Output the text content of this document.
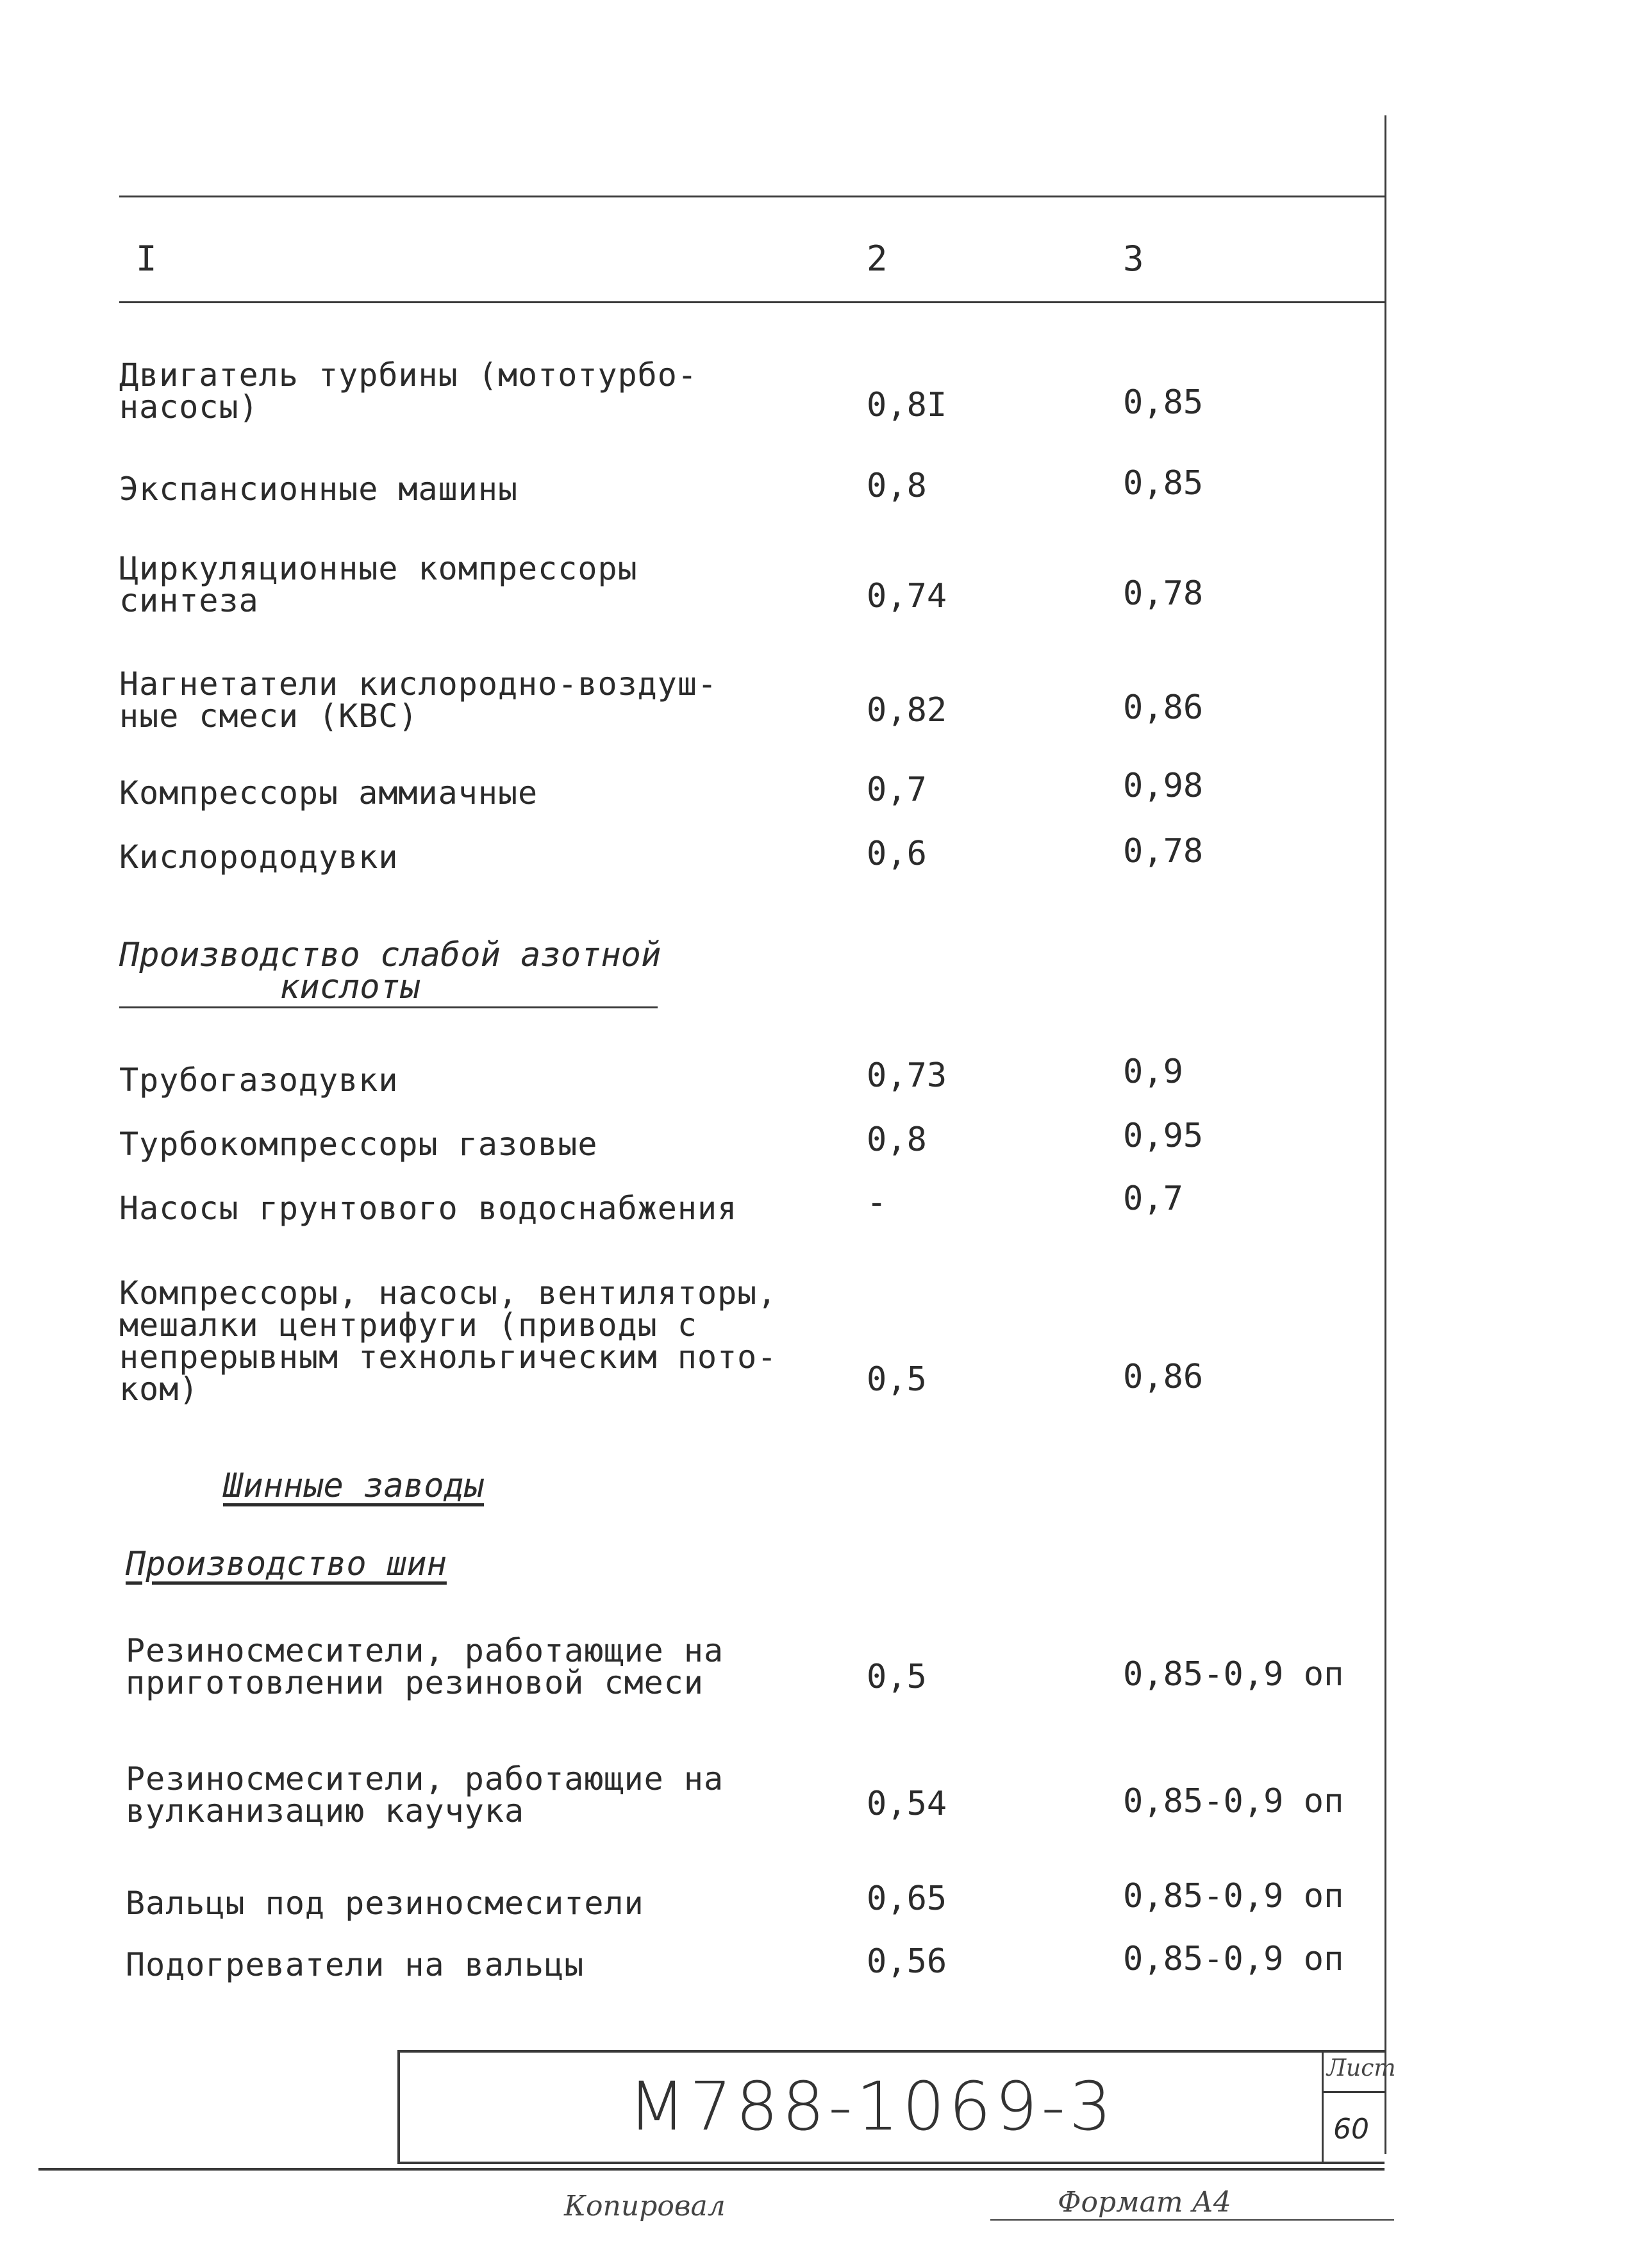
I	2	3
Двигатель турбины (мототурбо-
насосы)	0,8I	0,85
Экспансионные машины	0,8	0,85
Циркуляционные компрессоры
синтеза	0,74	0,78
Нагнетатели кислородно-воздуш-
ные смеси (КВС)	0,82	0,86
Компрессоры аммиачные	0,7	0,98
Кислорододувки	0,6	0,78
Производство слабой азотной
кислоты
Трубогазодувки	0,73	0,9
Турбокомпрессоры газовые	0,8	0,95
Насосы грунтового водоснабжения	-	0,7
Компрессоры, насосы, вентиляторы,
мешалки центрифуги (приводы с
непрерывным технольгическим пото-
ком)	0,5	0,86
Шинные заводы
Производство шин
Резиносмесители, работающие на
приготовлении резиновой смеси	0,5	0,85-0,9 оп
Резиносмесители, работающие на
вулканизацию каучука	0,54	0,85-0,9 оп
Вальцы под резиносмесители	0,65	0,85-0,9 оп
Подогреватели на вальцы	0,56	0,85-0,9 оп
М788-1069-3	Лист
60
Копировал	Формат А4
